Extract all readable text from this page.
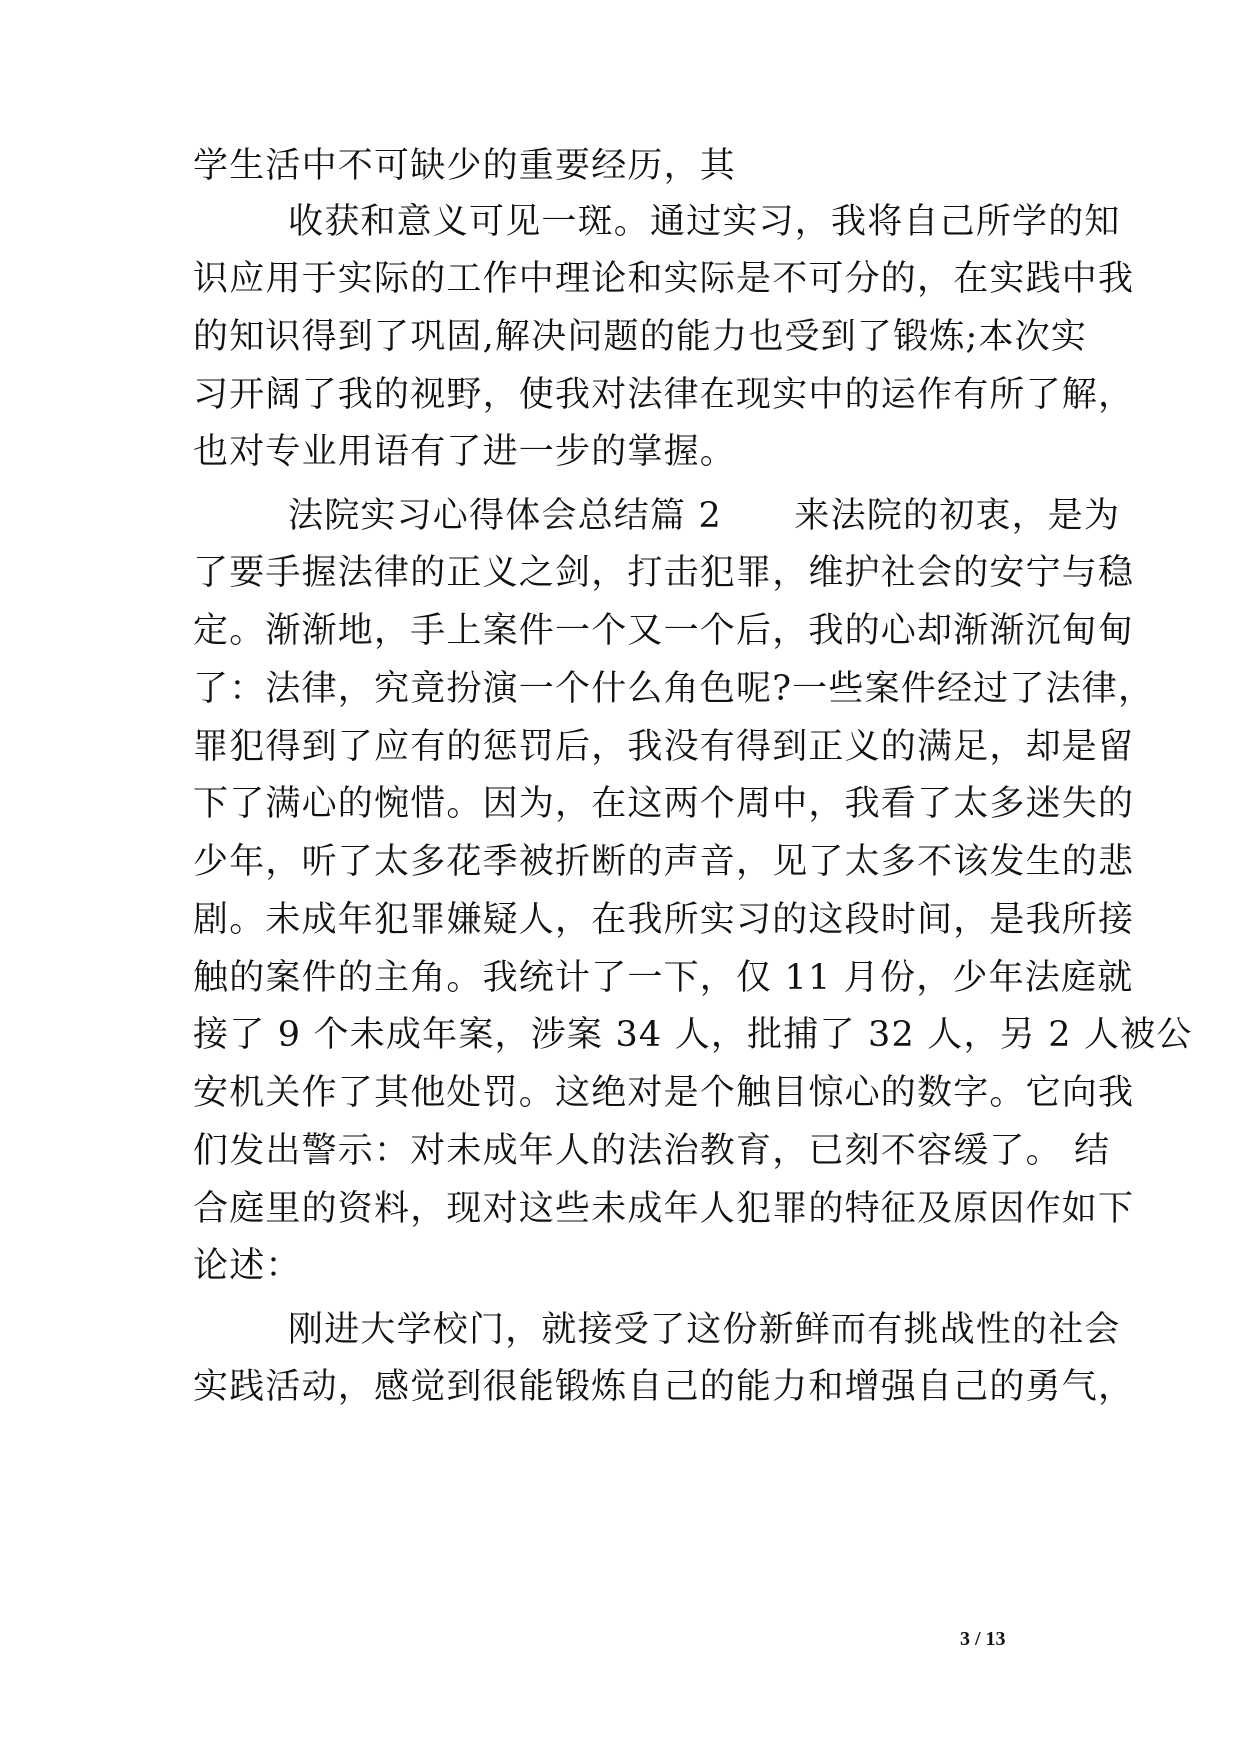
学生活中不可缺少的重要经历，其
收获和意义可见一斑。通过实习，我将自己所学的知
识应用于实际的工作中理论和实际是不可分的，在实践中我
的知识得到了巩固,解决问题的能力也受到了锻炼;本次实
习开阔了我的视野，使我对法律在现实中的运作有所了解，
也对专业用语有了进一步的掌握。
法院实习心得体会总结篇 2　　来法院的初衷，是为
了要手握法律的正义之剑，打击犯罪，维护社会的安宁与稳
定。渐渐地，手上案件一个又一个后，我的心却渐渐沉甸甸
了：法律，究竟扮演一个什么角色呢?一些案件经过了法律，
罪犯得到了应有的惩罚后，我没有得到正义的满足，却是留
下了满心的惋惜。因为，在这两个周中，我看了太多迷失的
少年，听了太多花季被折断的声音，见了太多不该发生的悲
剧。未成年犯罪嫌疑人，在我所实习的这段时间，是我所接
触的案件的主角。我统计了一下，仅 11 月份，少年法庭就
接了 9 个未成年案，涉案 34 人，批捕了 32 人，另 2 人被公
安机关作了其他处罚。这绝对是个触目惊心的数字。它向我
们发出警示：对未成年人的法治教育，已刻不容缓了。 结
合庭里的资料，现对这些未成年人犯罪的特征及原因作如下
论述：
刚进大学校门，就接受了这份新鲜而有挑战性的社会
实践活动，感觉到很能锻炼自己的能力和增强自己的勇气，
3 / 13
